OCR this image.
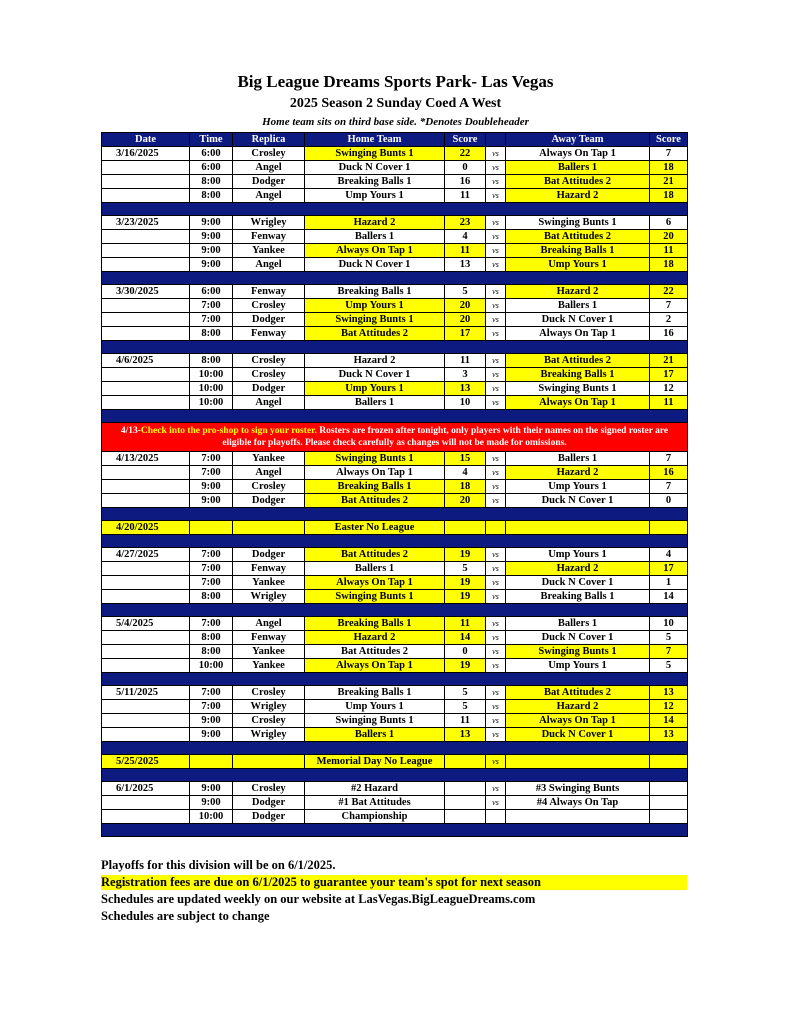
Big League Dreams Sports Park- Las Vegas
2025 Season 2 Sunday Coed A West
Home team sits on third base side. *Denotes Doubleheader
Date	Time	Replica	Home Team	Score		Away Team	Score
3/16/2025	6:00	Crosley	Swinging Bunts 1	22	vs	Always On Tap 1	7
	6:00	Angel	Duck N Cover 1	0	vs	Ballers 1	18
	8:00	Dodger	Breaking Balls 1	16	vs	Bat Attitudes 2	21
	8:00	Angel	Ump Yours 1	11	vs	Hazard 2	18

3/23/2025	9:00	Wrigley	Hazard 2	23	vs	Swinging Bunts 1	6
	9:00	Fenway	Ballers 1	4	vs	Bat Attitudes 2	20
	9:00	Yankee	Always On Tap 1	11	vs	Breaking Balls 1	11
	9:00	Angel	Duck N Cover 1	13	vs	Ump Yours 1	18

3/30/2025	6:00	Fenway	Breaking Balls 1	5	vs	Hazard 2	22
	7:00	Crosley	Ump Yours 1	20	vs	Ballers 1	7
	7:00	Dodger	Swinging Bunts 1	20	vs	Duck N Cover 1	2
	8:00	Fenway	Bat Attitudes 2	17	vs	Always On Tap 1	16

4/6/2025	8:00	Crosley	Hazard 2	11	vs	Bat Attitudes 2	21
	10:00	Crosley	Duck N Cover 1	3	vs	Breaking Balls 1	17
	10:00	Dodger	Ump Yours 1	13	vs	Swinging Bunts 1	12
	10:00	Angel	Ballers 1	10	vs	Always On Tap 1	11

4/13-Check into the pro-shop to sign your roster. Rosters are frozen after tonight, only players with their names on the signed roster are eligible for playoffs. Please check carefully as changes will not be made for omissions.							
4/13/2025	7:00	Yankee	Swinging Bunts 1	15	vs	Ballers 1	7
	7:00	Angel	Always On Tap 1	4	vs	Hazard 2	16
	9:00	Crosley	Breaking Balls 1	18	vs	Ump Yours 1	7
	9:00	Dodger	Bat Attitudes 2	20	vs	Duck N Cover 1	0

4/20/2025			Easter No League				

4/27/2025	7:00	Dodger	Bat Attitudes 2	19	vs	Ump Yours 1	4
	7:00	Fenway	Ballers 1	5	vs	Hazard 2	17
	7:00	Yankee	Always On Tap 1	19	vs	Duck N Cover 1	1
	8:00	Wrigley	Swinging Bunts 1	19	vs	Breaking Balls 1	14

5/4/2025	7:00	Angel	Breaking Balls 1	11	vs	Ballers 1	10
	8:00	Fenway	Hazard 2	14	vs	Duck N Cover 1	5
	8:00	Yankee	Bat Attitudes 2	0	vs	Swinging Bunts 1	7
	10:00	Yankee	Always On Tap 1	19	vs	Ump Yours 1	5

5/11/2025	7:00	Crosley	Breaking Balls 1	5	vs	Bat Attitudes 2	13
	7:00	Wrigley	Ump Yours 1	5	vs	Hazard 2	12
	9:00	Crosley	Swinging Bunts 1	11	vs	Always On Tap 1	14
	9:00	Wrigley	Ballers 1	13	vs	Duck N Cover 1	13

5/25/2025			Memorial Day No League		vs		

6/1/2025	9:00	Crosley	#2 Hazard		vs	#3 Swinging Bunts	
	9:00	Dodger	#1 Bat Attitudes		vs	#4 Always On Tap	
	10:00	Dodger	Championship				

Playoffs for this division will be on 6/1/2025.
Registration fees are due on 6/1/2025 to guarantee your team's spot for next season
Schedules are updated weekly on our website at LasVegas.BigLeagueDreams.com
Schedules are subject to change
